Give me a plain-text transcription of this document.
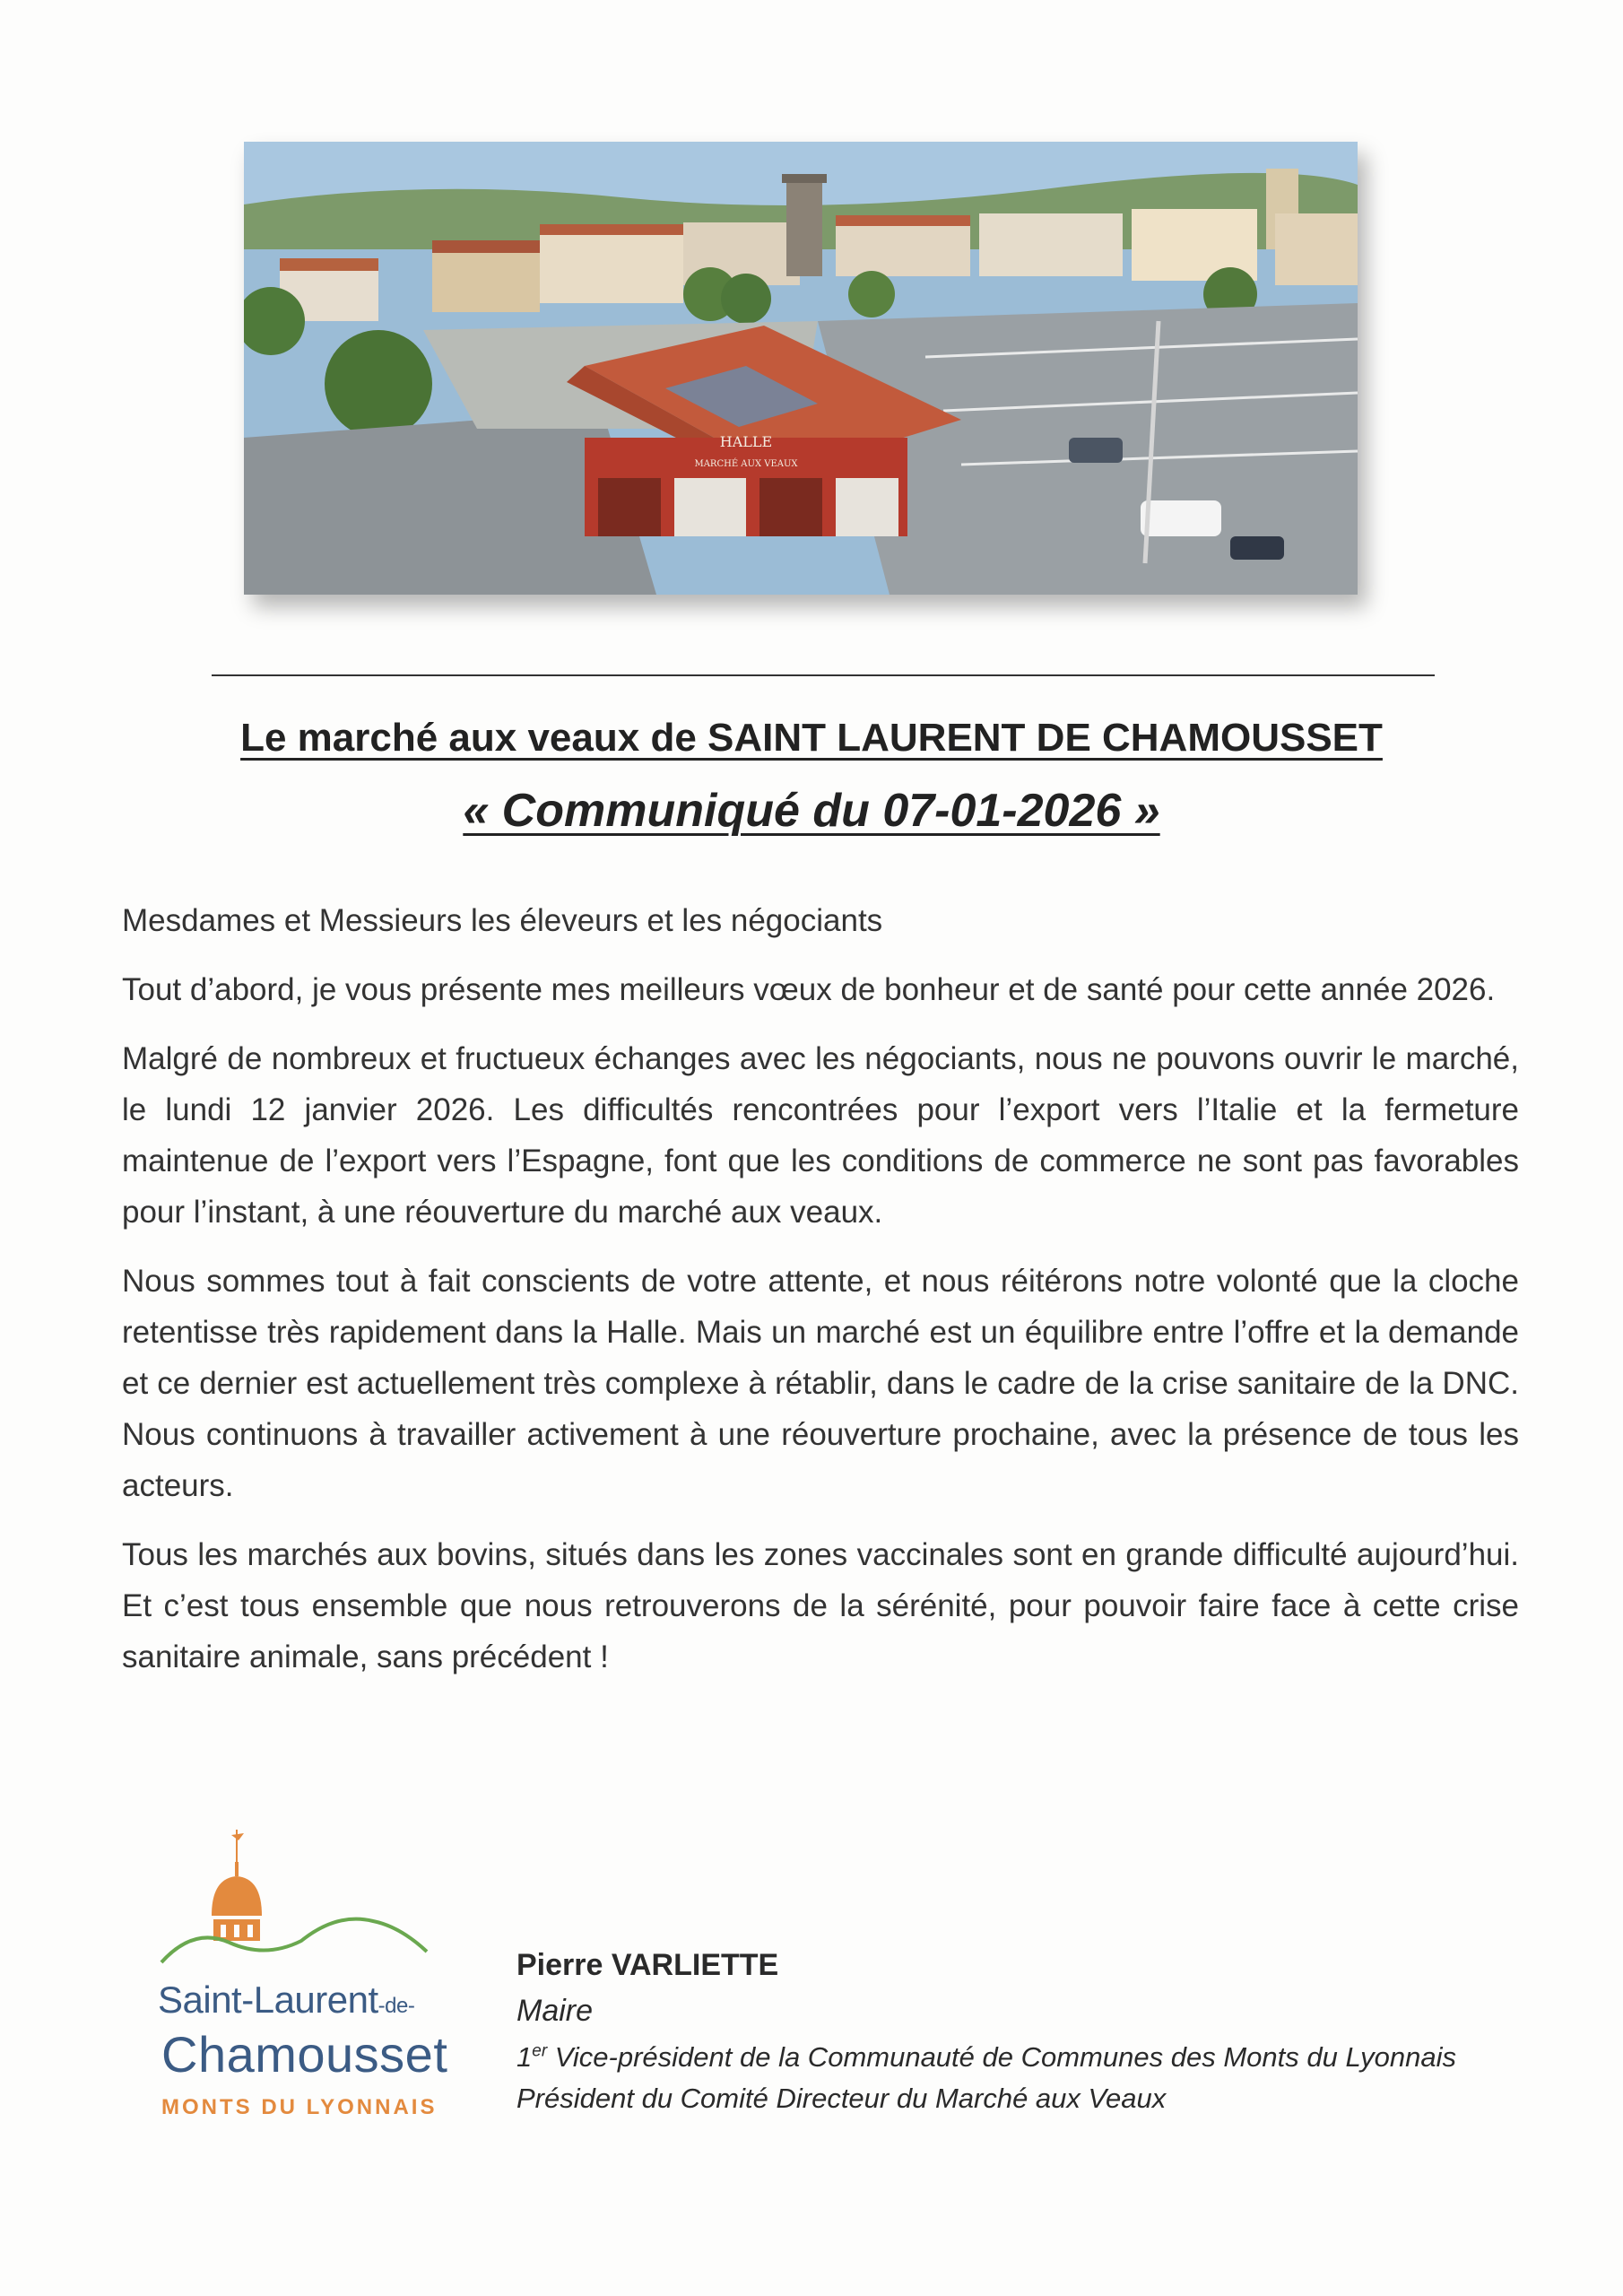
HALLE
MARCHÉ AUX VEAUX
Le marché aux veaux de SAINT LAURENT DE CHAMOUSSET
« Communiqué du 07-01-2026 »

Mesdames et Messieurs les éleveurs et les négociants

Tout d’abord, je vous présente mes meilleurs vœux de bonheur et de santé pour cette année 2026.

Malgré de nombreux et fructueux échanges avec les négociants, nous ne pouvons ouvrir le marché, le lundi 12 janvier 2026. Les difficultés rencontrées pour l’export vers l’Italie et la fermeture maintenue de l’export vers l’Espagne, font que les conditions de commerce ne sont pas favorables pour l’instant, à une réouverture du marché aux veaux.

Nous sommes tout à fait conscients de votre attente, et nous réitérons notre volonté que la cloche retentisse très rapidement dans la Halle. Mais un marché est un équilibre entre l’offre et la demande et ce dernier est actuellement très complexe à rétablir, dans le cadre de la crise sanitaire de la DNC. Nous continuons à travailler activement à une réouverture prochaine, avec la présence de tous les acteurs.

Tous les marchés aux bovins, situés dans les zones vaccinales sont en grande difficulté aujourd’hui. Et c’est tous ensemble que nous retrouverons de la sérénité, pour pouvoir faire face à cette crise sanitaire animale, sans précédent !

Saint-Laurent-de-
Chamousset
MONTS DU LYONNAIS
Pierre VARLIETTE
Maire
1er Vice-président de la Communauté de Communes des Monts du Lyonnais
Président du Comité Directeur du Marché aux Veaux
